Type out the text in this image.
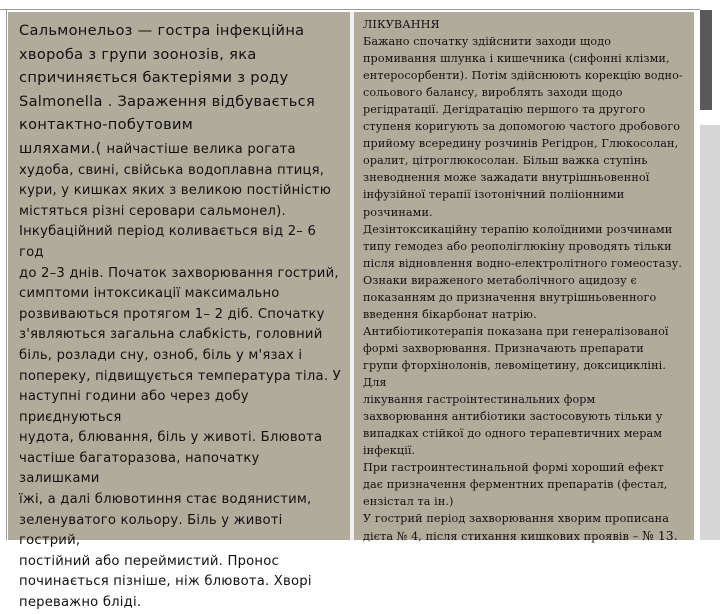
Сальмонельоз — гостра інфекційна
хвороба з групи зоонозів, яка
спричиняється бактеріями з роду
Salmonella . Зараження відбувається
контактно-побутовим
шляхами.( найчастіше велика рогата
худоба, свині, свійська водоплавна птиця,
кури, у кишках яких з великою постійністю
містяться різні серовари сальмонел).
Інкубаційний період коливається від 2– 6 год
до 2–3 днів. Початок захворювання гострий,
симптоми інтоксикації максимально
розвиваються протягом 1– 2 діб. Спочатку
з'являються загальна слабкість, головний
біль, розлади сну, озноб, біль у м'язах і
попереку, підвищується температура тіла. У
наступні години або через добу приєднуються
нудота, блювання, біль у животі. Блювота
частіше багаторазова, напочатку залишками
їжі, а далі блювотиння стає водянистим,
зеленуватого кольору. Біль у животі гострий,
постійний або переймистий. Пронос
починається пізніше, ніж блювота. Хворі
переважно бліді.

ЛІКУВАННЯ
Бажано спочатку здійснити заходи щодо
промивання шлунка і кишечника (сифонні клізми,
ентеросорбенти). Потім здійснюють корекцію водно-
сольового балансу, вироблять заходи щодо
регідратації. Дегідратацію першого та другого
ступеня коригують за допомогою частого дробового
прийому всередину розчинів Регідрон, Глюкосолан,
оралит, цітроглюкосолан. Більш важка ступінь
зневоднення може зажадати внутрішньовенної
інфузійної терапії ізотонічний полііонними
розчинами.
Дезінтоксикаційну терапію колоїдними розчинами
типу гемодез або реополіглюкіну проводять тільки
після відновлення водно-електролітного гомеостазу.
Ознаки вираженого метаболічного ацидозу є
показанням до призначення внутрішньовенного
введення бікарбонат натрію.
Антибіотикотерапія показана при генералізованої
формі захворювання. Призначають препарати
групи фторхінолонів, левоміцетину, доксицикліні. Для
лікування гастроінтестинальних форм
захворювання антибіотики застосовують тільки у
випадках стійкої до одного терапевтичних мерам
інфекції.
При гастроинтестинальной формі хороший ефект
дає призначення ферментних препаратів (фестал,
ензістал та ін.)
У гострий період захворювання хворим прописана
дієта № 4, після стихання кишкових проявів – № 13.
